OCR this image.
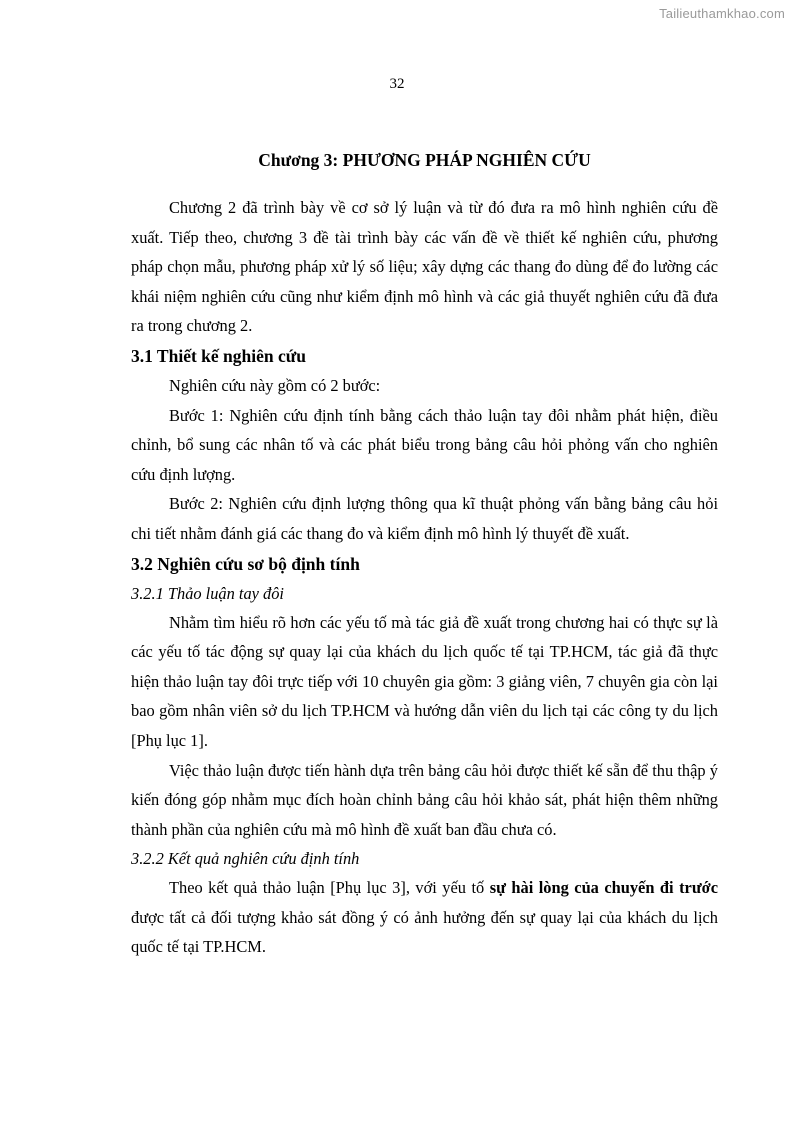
Tailieuthamkhao.com
32
Chương 3: PHƯƠNG PHÁP NGHIÊN CỨU

Chương 2 đã trình bày về cơ sở lý luận và từ đó đưa ra mô hình nghiên cứu đề xuất. Tiếp theo, chương 3 đề tài trình bày các vấn đề về thiết kế nghiên cứu, phương pháp chọn mẫu, phương pháp xử lý số liệu; xây dựng các thang đo dùng để đo lường các khái niệm nghiên cứu cũng như kiểm định mô hình và các giả thuyết nghiên cứu đã đưa ra trong chương 2.

3.1 Thiết kế nghiên cứu

Nghiên cứu này gồm có 2 bước:

Bước 1: Nghiên cứu định tính bằng cách thảo luận tay đôi nhằm phát hiện, điều chỉnh, bổ sung các nhân tố và các phát biểu trong bảng câu hỏi phỏng vấn cho nghiên cứu định lượng.

Bước 2: Nghiên cứu định lượng thông qua kĩ thuật phỏng vấn bằng bảng câu hỏi chi tiết nhằm đánh giá các thang đo và kiểm định mô hình lý thuyết đề xuất.

3.2 Nghiên cứu sơ bộ định tính
3.2.1 Thảo luận tay đôi

Nhằm tìm hiểu rõ hơn các yếu tố mà tác giả đề xuất trong chương hai có thực sự là các yếu tố tác động sự quay lại của khách du lịch quốc tế tại TP.HCM, tác giả đã thực hiện thảo luận tay đôi trực tiếp với 10 chuyên gia gồm: 3 giảng viên, 7 chuyên gia còn lại bao gồm nhân viên sở du lịch TP.HCM và hướng dẫn viên du lịch tại các công ty du lịch [Phụ lục 1].

Việc thảo luận được tiến hành dựa trên bảng câu hỏi được thiết kế sẵn để thu thập ý kiến đóng góp nhằm mục đích hoàn chỉnh bảng câu hỏi khảo sát, phát hiện thêm những thành phần của nghiên cứu mà mô hình đề xuất ban đầu chưa có.

3.2.2 Kết quả nghiên cứu định tính

Theo kết quả thảo luận [Phụ lục 3], với yếu tố sự hài lòng của chuyến đi trước được tất cả đối tượng khảo sát đồng ý có ảnh hưởng đến sự quay lại của khách du lịch quốc tế tại TP.HCM.
